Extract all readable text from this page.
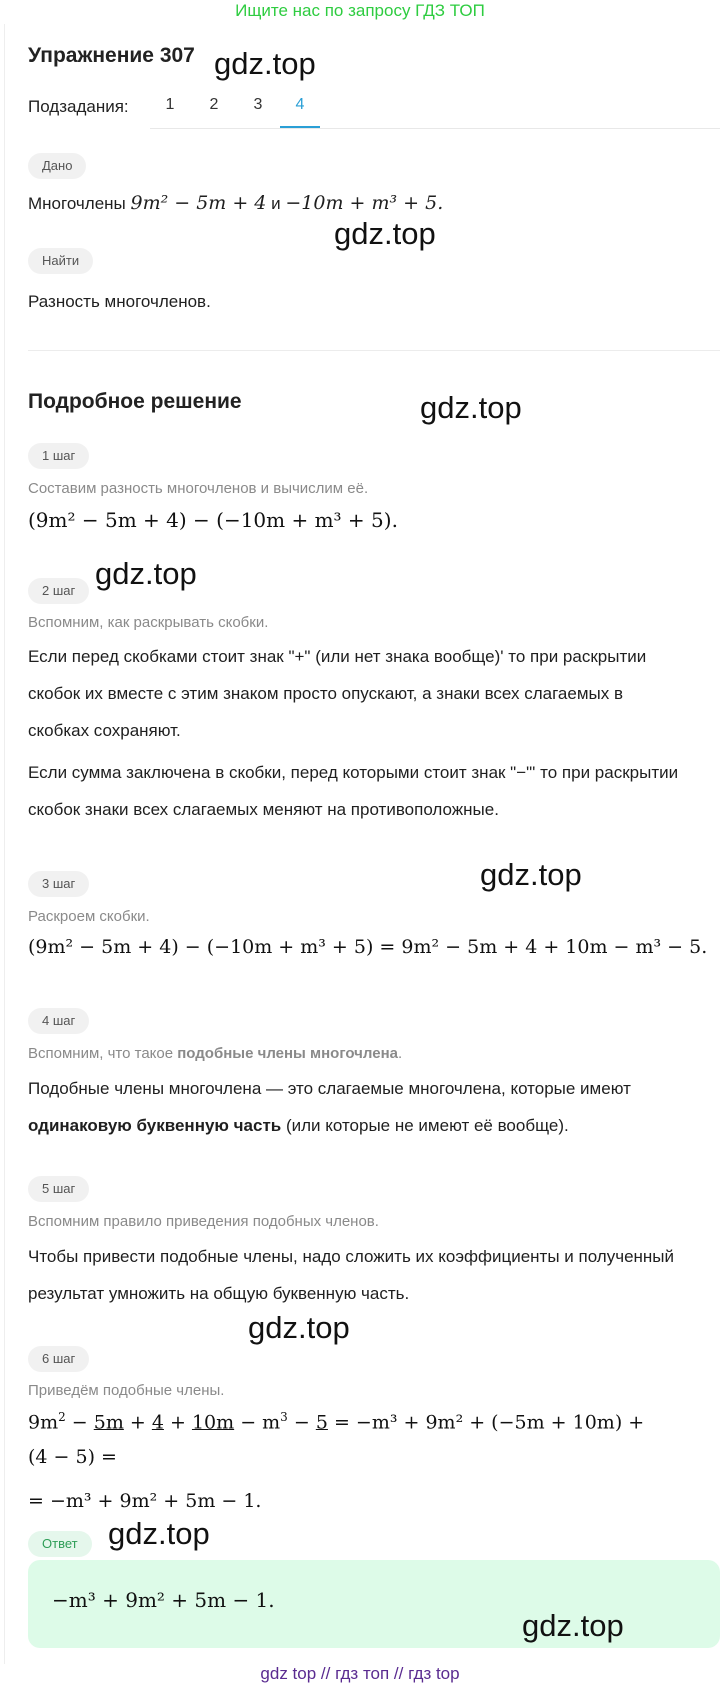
Ищите нас по запросу ГДЗ ТОП
Упражнение 307
Подзадания:	1	2	3	4
Дано
Многочлены 9m² − 5m + 4 и −10m + m³ + 5.
Найти
Разность многочленов.
Подробное решение
1 шаг
Составим разность многочленов и вычислим её.
(9m² − 5m + 4) − (−10m + m³ + 5).
2 шаг
Вспомним, как раскрывать скобки.
Если перед скобками стоит знак "+" (или нет знака вообще)' то при раскрытии скобок их вместе с этим знаком просто опускают, а знаки всех слагаемых в скобках сохраняют.
Если сумма заключена в скобки, перед которыми стоит знак "−"' то при раскрытии скобок знаки всех слагаемых меняют на противоположные.
3 шаг
Раскроем скобки.
(9m² − 5m + 4) − (−10m + m³ + 5) = 9m² − 5m + 4 + 10m − m³ − 5.
4 шаг
Вспомним, что такое подобные члены многочлена.
Подобные члены многочлена — это слагаемые многочлена, которые имеют
одинаковую буквенную часть (или которые не имеют её вообще).
5 шаг
Вспомним правило приведения подобных членов.
Чтобы привести подобные члены, надо сложить их коэффициенты и полученный результат умножить на общую буквенную часть.
6 шаг
Приведём подобные члены.
$9m^2 - 5m + 4 + 10m - m^3 - 5 = -m^3 + 9m^2 + (-5m + 10m)$ +
(4 − 5) =
= −m³ + 9m² + 5m − 1.
Ответ
−m³ + 9m² + 5m − 1.
gdz.top
gdz.top
gdz.top
gdz.top
gdz.top
gdz.top
gdz.top
gdz.top
gdz top // гдз топ // гдз top
